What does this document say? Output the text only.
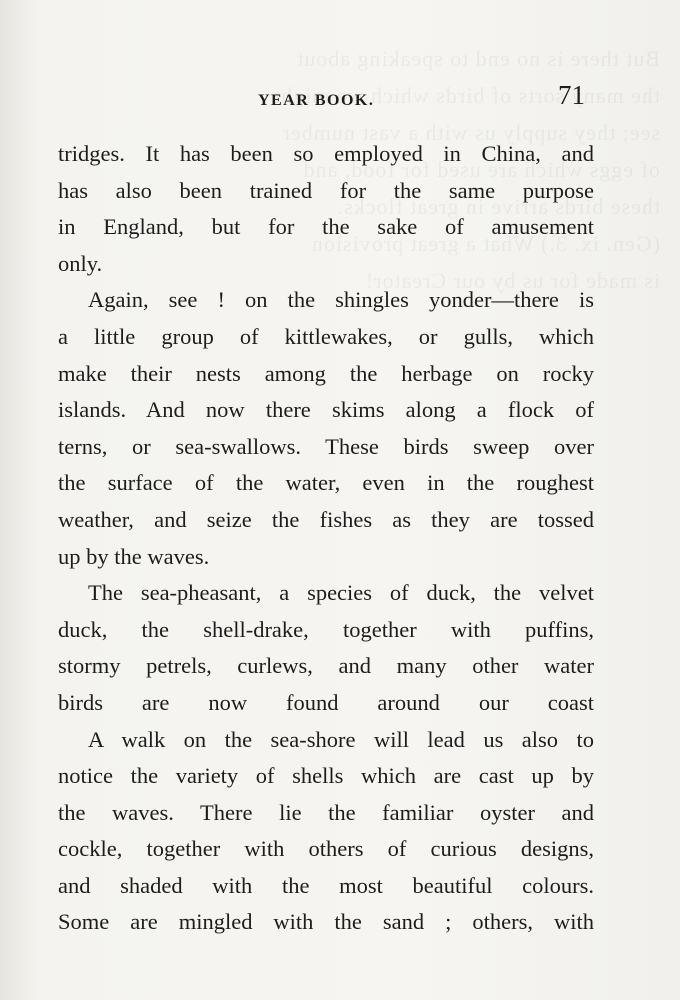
YEAR BOOK.	71
tridges. It has been so employed in China, and
has also been trained for the same purpose
in England, but for the sake of amusement
only.
Again, see ! on the shingles yonder—there is
a little group of kittlewakes, or gulls, which
make their nests among the herbage on rocky
islands. And now there skims along a flock of
terns, or sea-swallows. These birds sweep over
the surface of the water, even in the roughest
weather, and seize the fishes as they are tossed
up by the waves.
The sea-pheasant, a species of duck, the velvet
duck, the shell-drake, together with puffins,
stormy petrels, curlews, and many other water
birds are now found around our coast
A walk on the sea-shore will lead us also to
notice the variety of shells which are cast up by
the waves. There lie the familiar oyster and
cockle, together with others of curious designs,
and shaded with the most beautiful colours.
Some are mingled with the sand ; others, with
